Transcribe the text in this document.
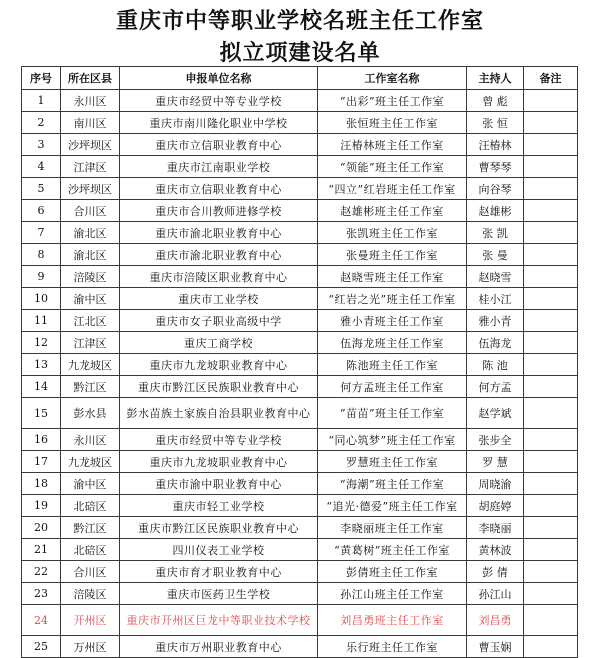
重庆市中等职业学校名班主任工作室
拟立项建设名单
序号	所在区县	申报单位名称	工作室名称	主持人	备注
1	永川区	重庆市经贸中等专业学校	“出彩”班主任工作室	曾 彪	
2	南川区	重庆市南川隆化职业中学校	张恒班主任工作室	张 恒	
3	沙坪坝区	重庆市立信职业教育中心	汪椿林班主任工作室	汪椿林	
4	江津区	重庆市江南职业学校	“领能”班主任工作室	曹琴琴	
5	沙坪坝区	重庆市立信职业教育中心	“四立”红岩班主任工作室	向谷琴	
6	合川区	重庆市合川教师进修学校	赵雄彬班主任工作室	赵雄彬	
7	渝北区	重庆市渝北职业教育中心	张凯班主任工作室	张 凯	
8	渝北区	重庆市渝北职业教育中心	张曼班主任工作室	张 曼	
9	涪陵区	重庆市涪陵区职业教育中心	赵晓雪班主任工作室	赵晓雪	
10	渝中区	重庆市工业学校	“红岩之光”班主任工作室	桂小江	
11	江北区	重庆市女子职业高级中学	雅小青班主任工作室	雅小青	
12	江津区	重庆工商学校	伍海龙班主任工作室	伍海龙	
13	九龙坡区	重庆市九龙坡职业教育中心	陈池班主任工作室	陈 池	
14	黔江区	重庆市黔江区民族职业教育中心	何方孟班主任工作室	何方孟	
15	彭水县	彭水苗族土家族自治县职业教育中心	“苗苗”班主任工作室	赵学斌	
16	永川区	重庆市经贸中等专业学校	“同心筑梦”班主任工作室	张步全	
17	九龙坡区	重庆市九龙坡职业教育中心	罗慧班主任工作室	罗 慧	
18	渝中区	重庆市渝中职业教育中心	“海潮”班主任工作室	周晓渝	
19	北碚区	重庆市轻工业学校	“追光·德爱”班主任工作室	胡庭婷	
20	黔江区	重庆市黔江区民族职业教育中心	李晓丽班主任工作室	李晓丽	
21	北碚区	四川仪表工业学校	“黄葛树”班主任工作室	黄林波	
22	合川区	重庆市育才职业教育中心	彭倩班主任工作室	彭 倩	
23	涪陵区	重庆市医药卫生学校	孙江山班主任工作室	孙江山	
24	开州区	重庆市开州区巨龙中等职业技术学校	刘昌勇班主任工作室	刘昌勇	
25	万州区	重庆市万州职业教育中心	乐行班主任工作室	曹玉娴	
